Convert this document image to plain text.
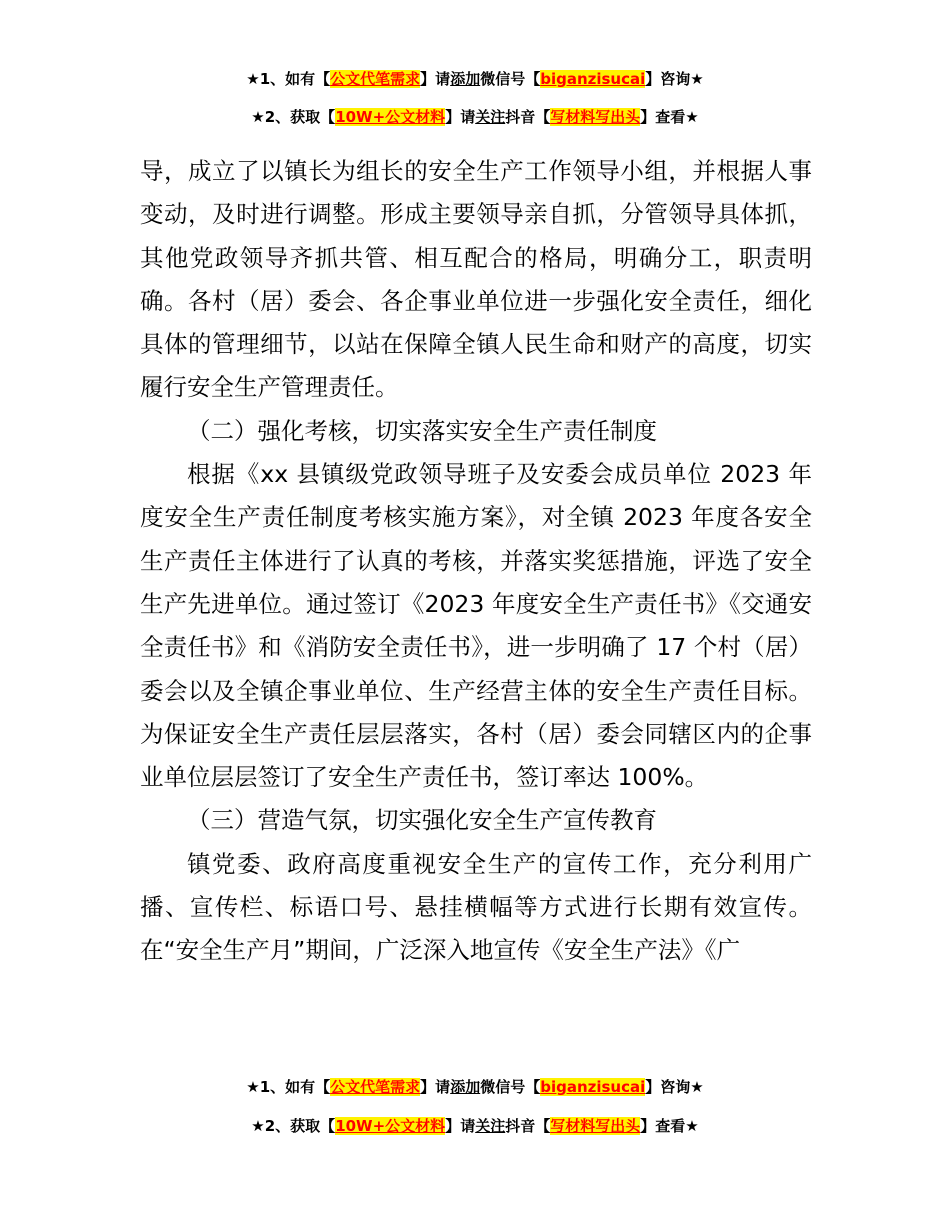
★1、如有【公文代笔需求】请添加微信号【biganzisucai】咨询★
★2、获取【10W+公文材料】请关注抖音【写材料写出头】查看★

导，成立了以镇长为组长的安全生产工作领导小组，并根据人事变动，及时进行调整。形成主要领导亲自抓，分管领导具体抓，其他党政领导齐抓共管、相互配合的格局，明确分工，职责明确。各村（居）委会、各企事业单位进一步强化安全责任，细化具体的管理细节，以站在保障全镇人民生命和财产的高度，切实履行安全生产管理责任。

（二）强化考核，切实落实安全生产责任制度

根据《xx 县镇级党政领导班子及安委会成员单位 2023 年度安全生产责任制度考核实施方案》，对全镇 2023 年度各安全生产责任主体进行了认真的考核，并落实奖惩措施，评选了安全生产先进单位。通过签订《2023 年度安全生产责任书》《交通安全责任书》和《消防安全责任书》，进一步明确了 17 个村（居）委会以及全镇企事业单位、生产经营主体的安全生产责任目标。为保证安全生产责任层层落实，各村（居）委会同辖区内的企事业单位层层签订了安全生产责任书，签订率达 100%。

（三）营造气氛，切实强化安全生产宣传教育

镇党委、政府高度重视安全生产的宣传工作，充分利用广播、宣传栏、标语口号、悬挂横幅等方式进行长期有效宣传。在“安全生产月”期间，广泛深入地宣传《安全生产法》《广

★1、如有【公文代笔需求】请添加微信号【biganzisucai】咨询★
★2、获取【10W+公文材料】请关注抖音【写材料写出头】查看★
